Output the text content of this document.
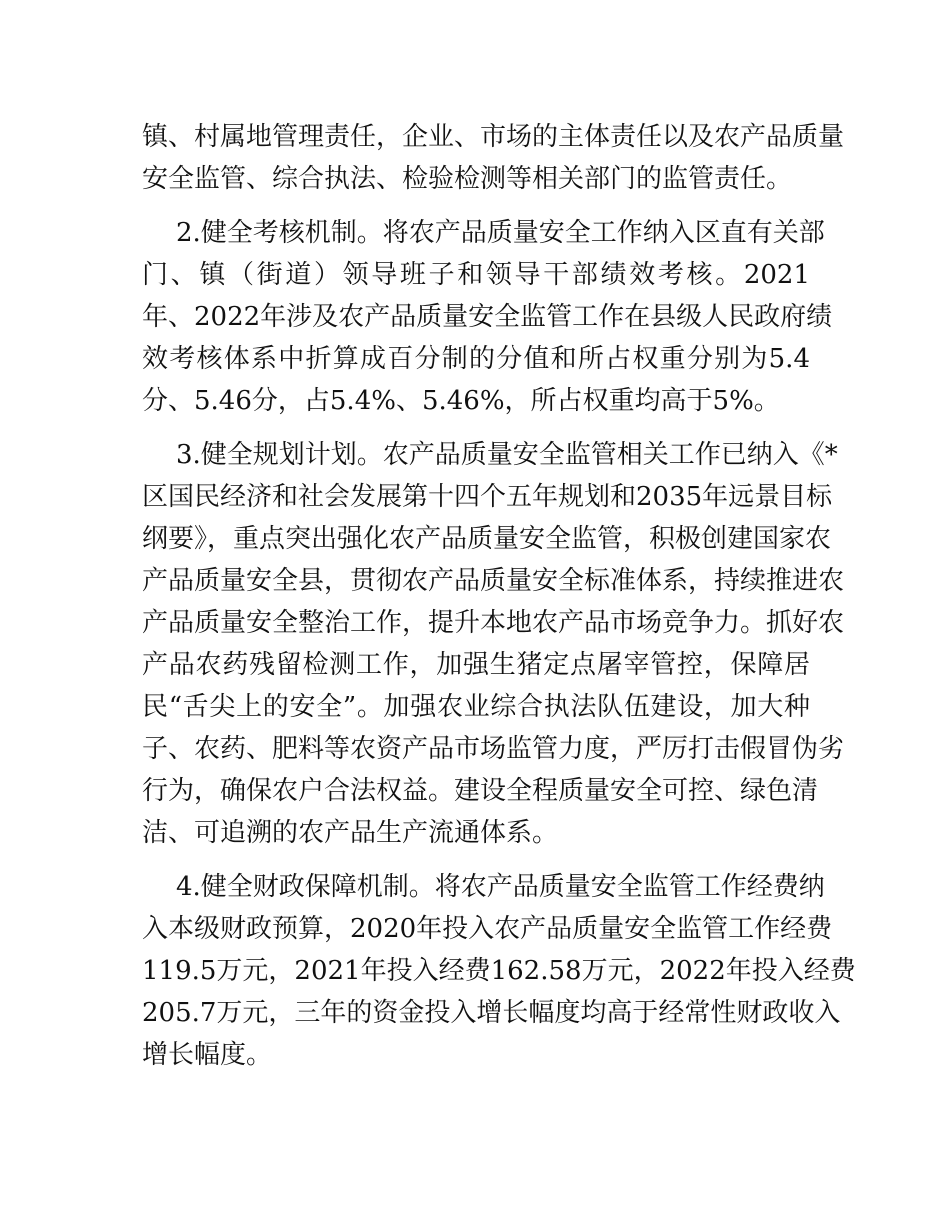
镇、村属地管理责任，企业、市场的主体责任以及农产品质量
安全监管、综合执法、检验检测等相关部门的监管责任。
2.健全考核机制。将农产品质量安全工作纳入区直有关部
门、镇（街道）领导班子和领导干部绩效考核。2021
年、2022年涉及农产品质量安全监管工作在县级人民政府绩
效考核体系中折算成百分制的分值和所占权重分别为5.4
分、5.46分，占5.4%、5.46%，所占权重均高于5%。
3.健全规划计划。农产品质量安全监管相关工作已纳入《*
区国民经济和社会发展第十四个五年规划和2035年远景目标
纲要》，重点突出强化农产品质量安全监管，积极创建国家农
产品质量安全县，贯彻农产品质量安全标准体系，持续推进农
产品质量安全整治工作，提升本地农产品市场竞争力。抓好农
产品农药残留检测工作，加强生猪定点屠宰管控，保障居
民“舌尖上的安全”。加强农业综合执法队伍建设，加大种
子、农药、肥料等农资产品市场监管力度，严厉打击假冒伪劣
行为，确保农户合法权益。建设全程质量安全可控、绿色清
洁、可追溯的农产品生产流通体系。
4.健全财政保障机制。将农产品质量安全监管工作经费纳
入本级财政预算，2020年投入农产品质量安全监管工作经费
119.5万元，2021年投入经费162.58万元，2022年投入经费
205.7万元，三年的资金投入增长幅度均高于经常性财政收入
增长幅度。
